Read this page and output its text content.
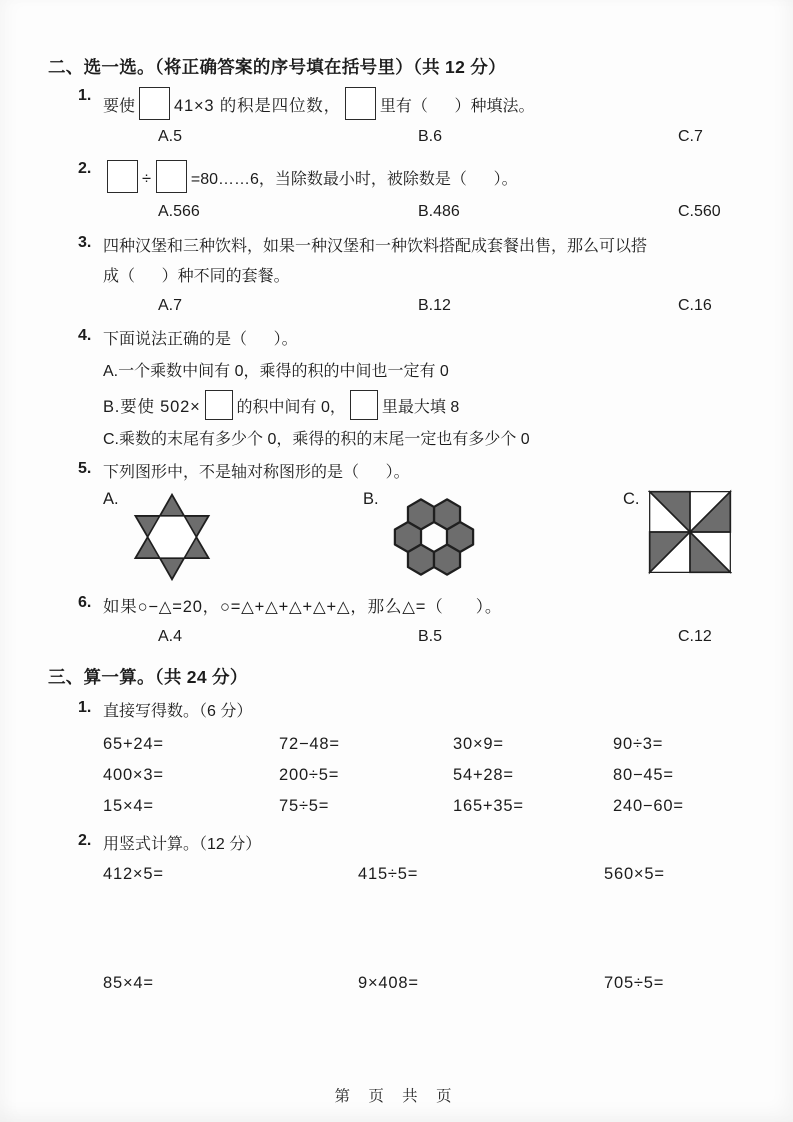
二、选一选。（将正确答案的序号填在括号里）（共 12 分）
1.
要使 41×3 的积是四位数， 里有（      ）种填法。
A.5	B.6	C.7
2.
÷ =80……6，当除数最小时，被除数是（      ）。
A.566	B.486	C.560
3. 四种汉堡和三种饮料，如果一种汉堡和一种饮料搭配成套餐出售，那么可以搭
成（      ）种不同的套餐。
A.7	B.12	C.16
4. 下面说法正确的是（      ）。
A.一个乘数中间有 0，乘得的积的中间也一定有 0
B.要使 502× 的积中间有 0， 里最大填 8
C.乘数的末尾有多少个 0，乘得的积的末尾一定也有多少个 0
5. 下列图形中，不是轴对称图形的是（      ）。
A.	B.	C.
6. 如果○−△=20，○=△+△+△+△+△，那么△=（      ）。
A.4	B.5	C.12
三、算一算。（共 24 分）
1. 直接写得数。（6 分）
65+24=	72−48=	30×9=	90÷3=
400×3=	200÷5=	54+28=	80−45=
15×4=	75÷5=	165+35=	240−60=
2. 用竖式计算。（12 分）
412×5=	415÷5=	560×5=
85×4=	9×408=	705÷5=
第 页 共 页
